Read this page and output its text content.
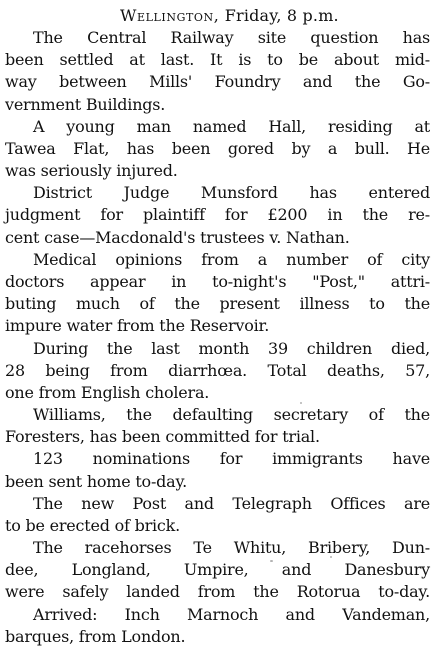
Wellington, Friday, 8 p.m.
The Central Railway site question has
been settled at last. It is to be about mid-
way between Mills' Foundry and the Go-
vernment Buildings.
A young man named Hall, residing at
Tawea Flat, has been gored by a bull. He
was seriously injured.
District Judge Munsford has entered
judgment for plaintiff for £200 in the re-
cent case—Macdonald's trustees v. Nathan.
Medical opinions from a number of city
doctors appear in to-night's "Post," attri-
buting much of the present illness to the
impure water from the Reservoir.
During the last month 39 children died,
28 being from diarrhœa. Total deaths, 57,
one from English cholera.
Williams, the defaulting secretary of the
Foresters, has been committed for trial.
123 nominations for immigrants have
been sent home to-day.
The new Post and Telegraph Offices are
to be erected of brick.
The racehorses Te Whitu, Bribery, Dun-
dee, Longland, Umpire, and Danesbury
were safely landed from the Rotorua to-day.
Arrived: Inch Marnoch and Vandeman,
barques, from London.
